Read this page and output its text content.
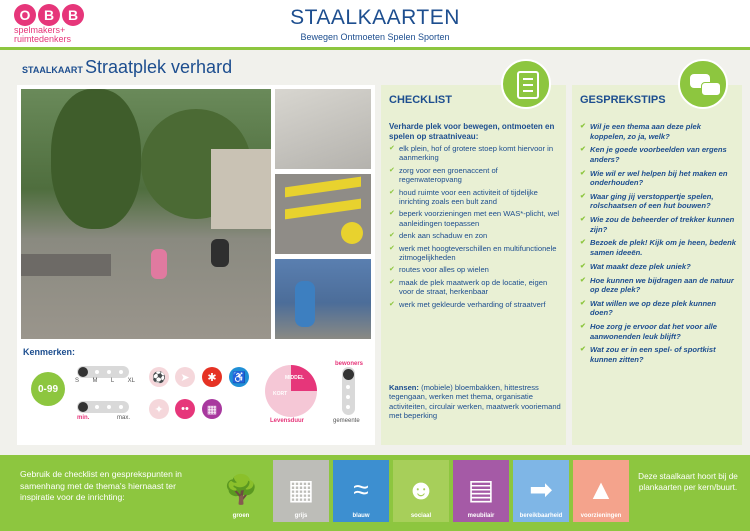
O B B
spelmakers+
ruimtedenkers
STAALKAARTEN
Bewegen Ontmoeten Spelen Sporten
STAALKAART Straatplek verhard
Kenmerken:
0-99
S M L XL
min.	max.
⚽	➤	✱	♿
✦	••	▦
MIDDEL
KORT
Levensduur
bewoners
gemeente
CHECKLIST
Verharde plek voor bewegen, ontmoeten en spelen op straatniveau:
✔ elk plein, hof of grotere stoep komt hiervoor in aanmerking
✔ zorg voor een groenaccent of regenwateropvang
✔ houd ruimte voor een activiteit of tijdelijke inrichting zoals een bult zand
✔ beperk voorzieningen met een WAS*-plicht, wel aanleidingen toepassen
✔ denk aan schaduw en zon
✔ werk met hoogteverschillen en multifunctionele zitmogelijkheden
✔ routes voor alles op wielen
✔ maak de plek maatwerk op de locatie, eigen voor de straat, herkenbaar
✔ werk met gekleurde verharding of straatverf
Kansen: (mobiele) bloembakken, hittestress tegengaan, werken met thema, organisatie activiteiten, circulair werken, maatwerk vooriemand met beperking
GESPREKSTIPS
✔ Wil je een thema aan deze plek koppelen, zo ja, welk?
✔ Ken je goede voorbeelden van ergens anders?
✔ Wie wil er wel helpen bij het maken en onderhouden?
✔ Waar ging jij verstoppertje spelen, rolschaatsen of een hut bouwen?
✔ Wie zou de beheerder of trekker kunnen zijn?
✔ Bezoek de plek! Kijk om je heen, bedenk samen ideeën.
✔ Wat maakt deze plek uniek?
✔ Hoe kunnen we bijdragen aan de natuur op deze plek?
✔ Wat willen we op deze plek kunnen doen?
✔ Hoe zorg je ervoor dat het voor alle aanwonenden leuk blijft?
✔ Wat zou er in een spel- of sportkist kunnen zitten?
Gebruik de checklist en gesprekspunten in samenhang met de thema's hiernaast ter inspiratie voor de inrichting:	🌳
groen
▦
grijs
≈
blauw
☻
sociaal
▤
meubilair
➡
bereikbaarheid
▲
voorzieningen
Deze staalkaart hoort bij de plankaarten per kern/buurt.
